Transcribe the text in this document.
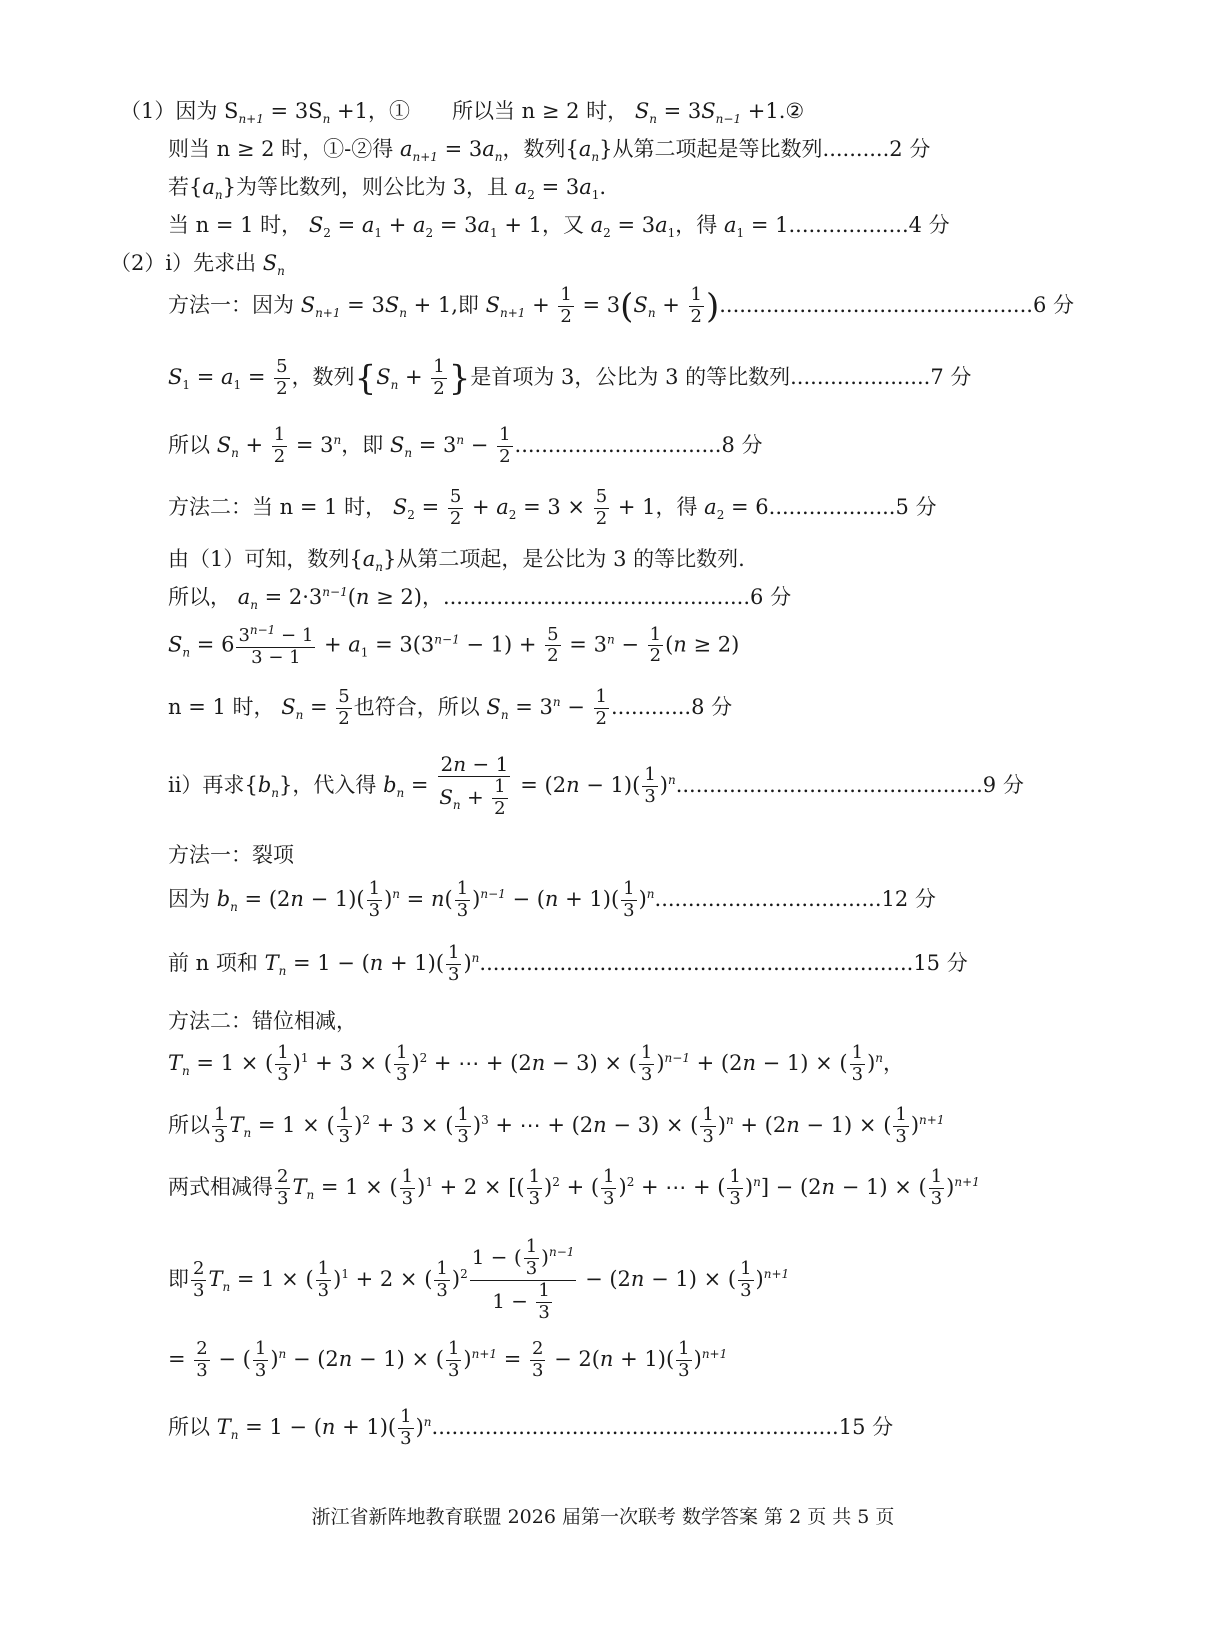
（1）因为 $S_{n+1} = 3S_n +1$，①　　所以当 n ≥ 2 时， $S_n = 3S_{n-1}$ +1.②
则当 n ≥ 2 时，①-②得 $a_{n+1} = 3a_n$，数列$\{a_n\}$从第二项起是等比数列..........2 分
若$\{a_n\}$为等比数列，则公比为 3，且 $a_2 = 3a_1$.
当 n = 1 时， $S_2 = a_1 + a_2 = 3a_1 + 1$，又 $a_2 = 3a_1$，得 $a_1 = 1..................4$ 分
（2）i）先求出 $S_n$
方法一：因为 $S_{n+1} = 3S_n + 1$,即 $S_{n+1} + \frac{1}{2} = 3(S_n + \frac{1}{2} )...............................................6$ 分
$S_1 = a_1 = \frac{5}{2}$ ，数列{$S_n + \frac{1}{2}$ }是首项为 3，公比为 3 的等比数列.....................7 分
所以 $S_n + \frac{1}{2} = 3^n$，即 $S_n = 3^n - \frac{1}{2} ...............................8$ 分
方法二：当 n = 1 时， $S_2 = \frac{5}{2} + a_2 = 3 \times \frac{5}{2} + 1$，得 $a_2 = 6...................5$ 分
由（1）可知，数列$\{a_n\}$从第二项起，是公比为 3 的等比数列.
所以， $a_n = 2\cdot 3^{n-1}(n \ge 2)$，..............................................6 分
$S_n = 6 \frac{3^{n-1} - 1}{3 - 1} + a_1 = 3(3^{n-1} - 1) + \frac{5}{2} = 3^n - \frac{1}{2} (n \ge 2)$
n = 1 时， $S_n = \frac{5}{2}$ 也符合，所以 $S_n = 3^n - \frac{1}{2} ............8$ 分
ii）再求$\{b_n\}$，代入得 $b_n = \frac{2n - 1}{S_n + \frac{1}{2}} = (2n - 1)( \frac{1}{3} )^n..............................................9$ 分
方法一：裂项
因为 $b_n = (2n - 1)( \frac{1}{3} )^n = n( \frac{1}{3} )^{n-1} - (n + 1)( \frac{1}{3} )^n..................................12$ 分
前 n 项和 $T_n = 1 - (n + 1)( \frac{1}{3} )^n.................................................................15$ 分
方法二：错位相减，
$T_n = 1$ × ( $\frac{1}{3} )^1 + 3$ × ( $\frac{1}{3} )^2$ + ⋯ + (2n − 3) × ( $\frac{1}{3} )^{n-1} + (2n - 1)$ × ( $\frac{1}{3} )^n$，
所以 $\frac{1}{3} T_n = 1$ × ( $\frac{1}{3} )^2 + 3$ × ( $\frac{1}{3} )^3$ + ⋯ + (2n − 3) × ( $\frac{1}{3} )^n + (2n - 1)$ × ( $\frac{1}{3} )^{n+1}$
两式相减得 $\frac{2}{3} T_n = 1$ × ( $\frac{1}{3} )^1 + 2$ × [( $\frac{1}{3} )^2$ + ( $\frac{1}{3} )^2$ + ⋯ + ( $\frac{1}{3} )^n] - (2n - 1)$ × ( $\frac{1}{3} )^{n+1}$
即 $\frac{2}{3} T_n = 1$ × ( $\frac{1}{3} )^1 + 2$ × ( $\frac{1}{3} )^2 \frac{1 - ( \frac{1}{3} )^{n-1}}{1 - \frac{1}{3}} - (2n - 1)$ × ( $\frac{1}{3} )^{n+1}$
= $\frac{2}{3}$ − ( $\frac{1}{3} )^n - (2n - 1)$ × ( $\frac{1}{3} )^{n+1} = \frac{2}{3} - 2(n + 1)( \frac{1}{3} )^{n+1}$
所以 $T_n = 1 - (n + 1)( \frac{1}{3} )^n.............................................................15$ 分
浙江省新阵地教育联盟 2026 届第一次联考 数学答案 第 2 页 共 5 页
